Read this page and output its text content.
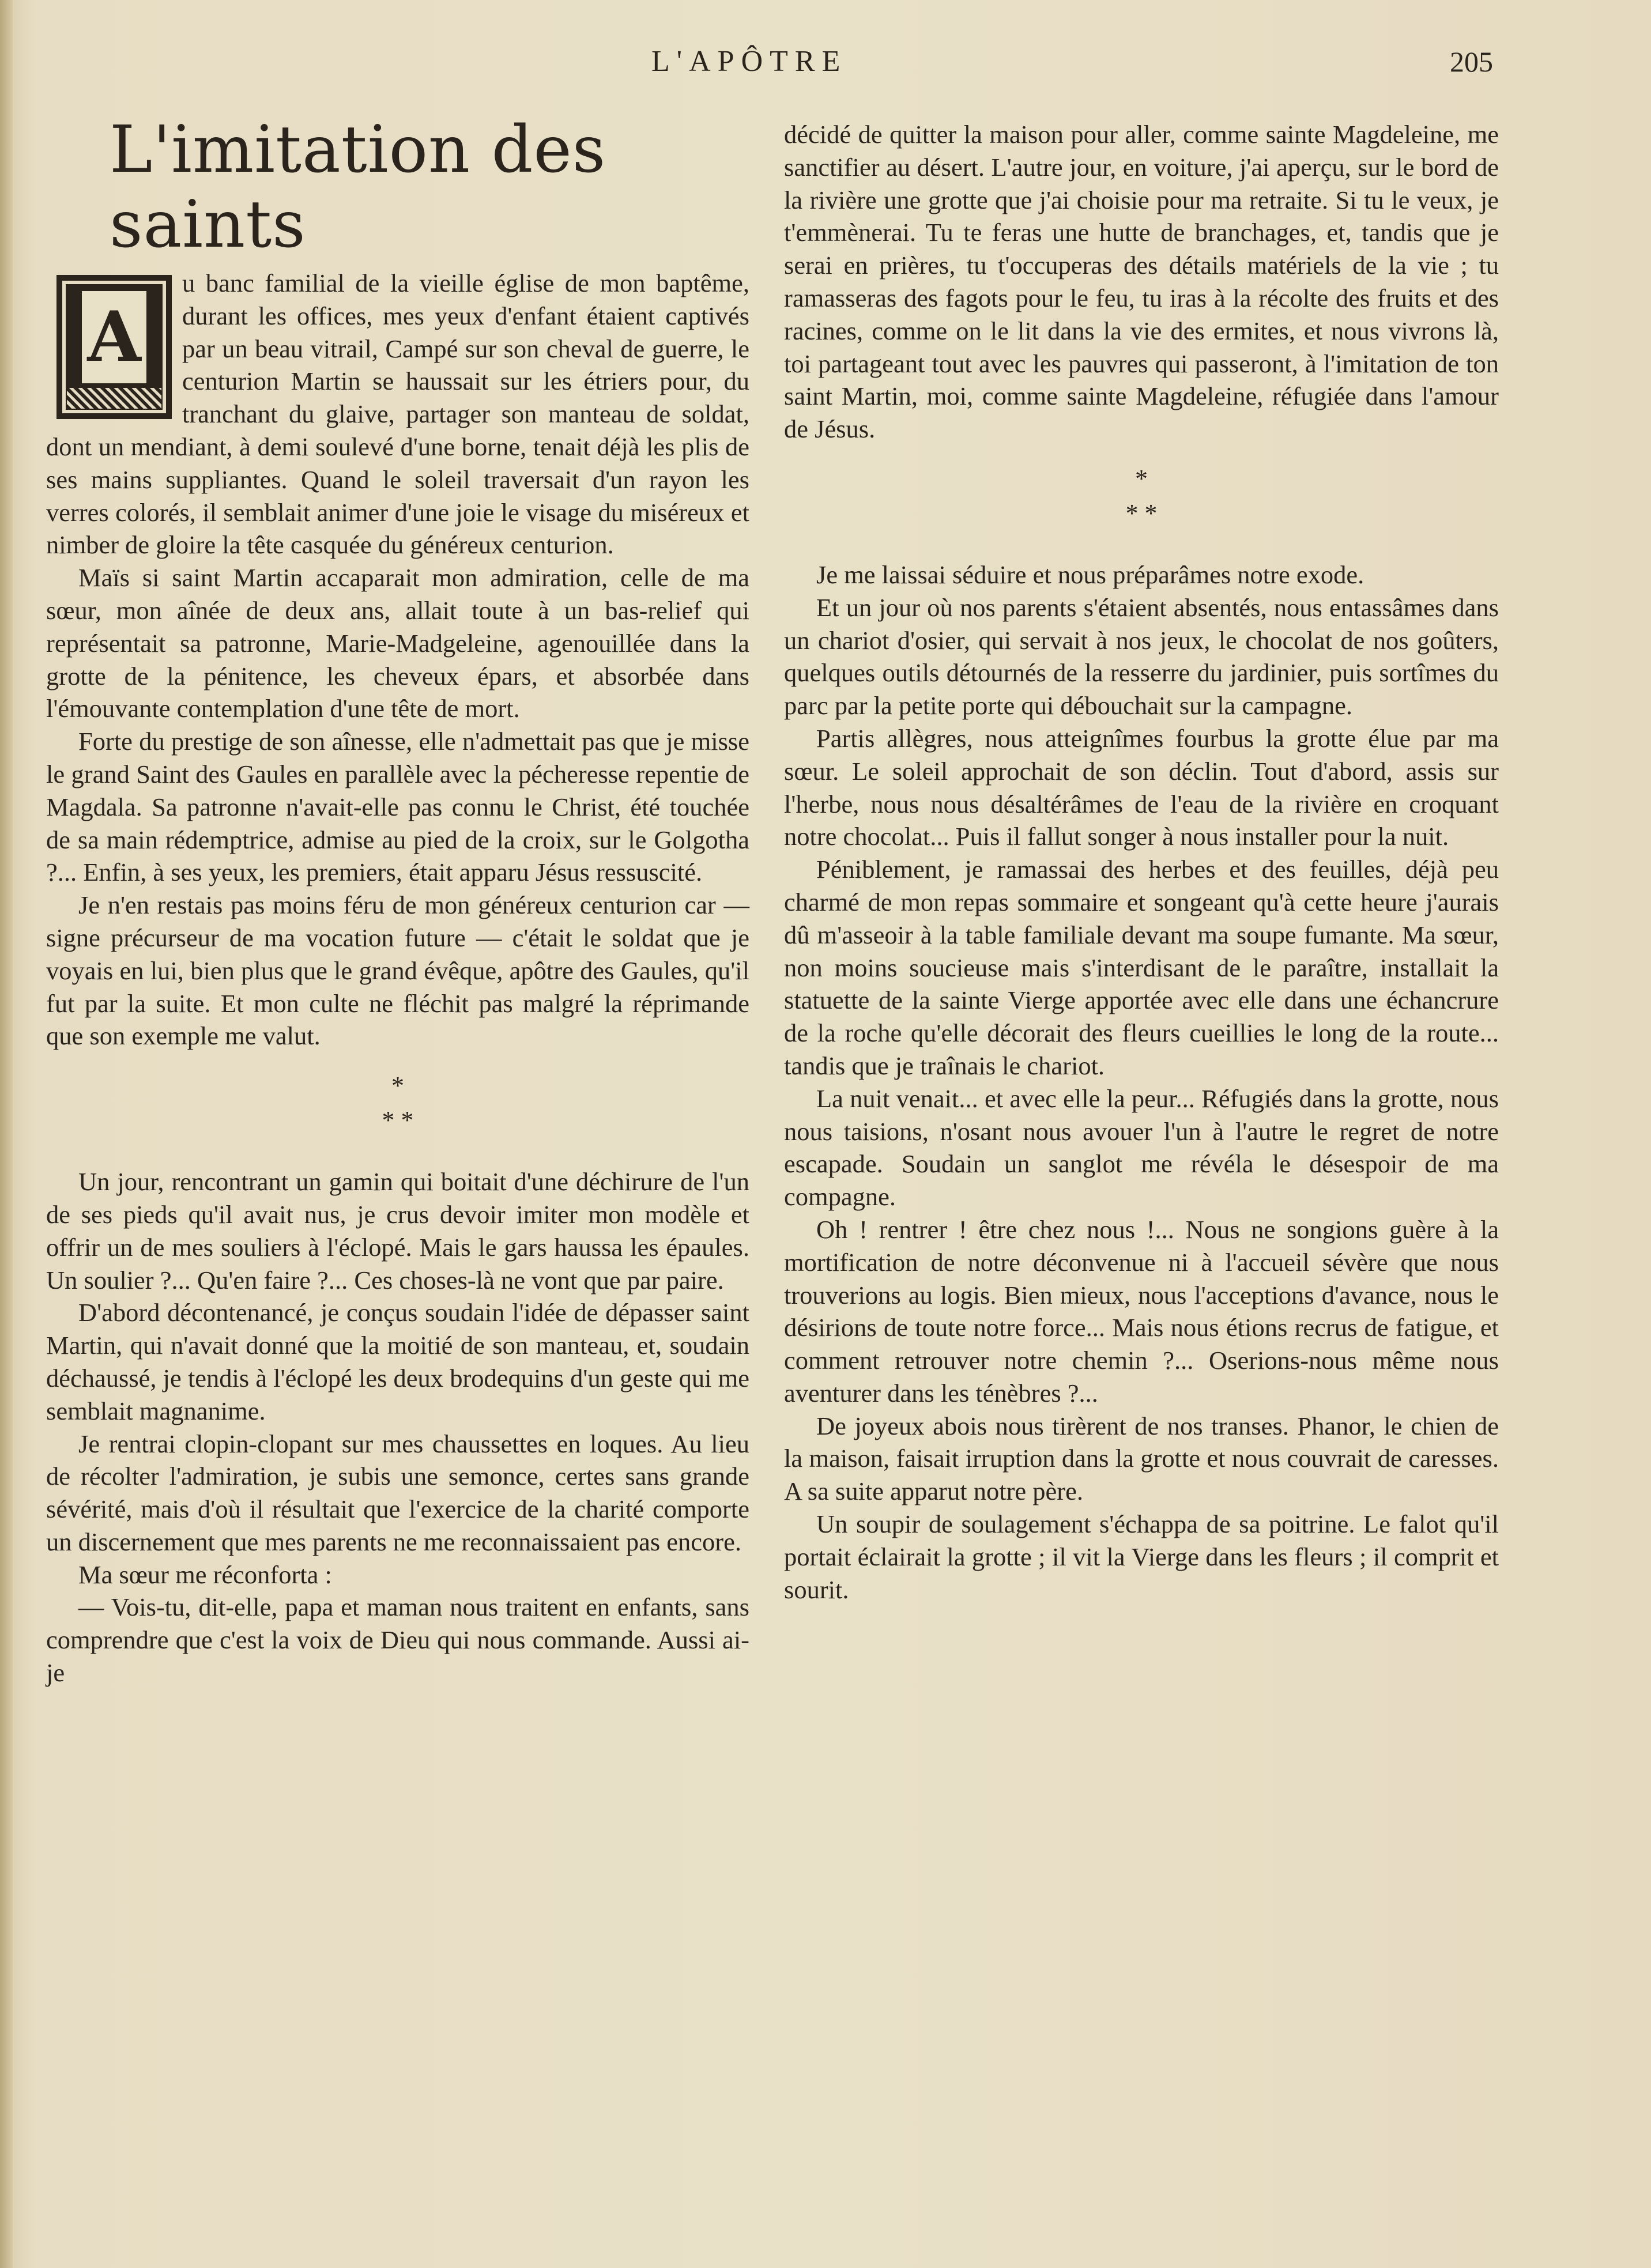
L'APÔTRE	205
L'imitation des saints
A

u banc familial de la vieille église de mon baptême, durant les offices, mes yeux d'enfant étaient captivés par un beau vitrail, Campé sur son cheval de guerre, le centurion Martin se haussait sur les étriers pour, du tranchant du glaive, partager son manteau de soldat, dont un mendiant, à demi soulevé d'une borne, tenait déjà les plis de ses mains suppliantes. Quand le soleil traversait d'un rayon les verres colorés, il semblait animer d'une joie le visage du miséreux et nimber de gloire la tête casquée du généreux centurion.

Maïs si saint Martin accaparait mon admiration, celle de ma sœur, mon aînée de deux ans, allait toute à un bas-relief qui représentait sa patronne, Marie-Madgeleine, agenouillée dans la grotte de la pénitence, les cheveux épars, et absorbée dans l'émouvante contemplation d'une tête de mort.

Forte du prestige de son aînesse, elle n'admettait pas que je misse le grand Saint des Gaules en parallèle avec la pécheresse repentie de Magdala. Sa patronne n'avait-elle pas connu le Christ, été touchée de sa main rédemptrice, admise au pied de la croix, sur le Golgotha ?... Enfin, à ses yeux, les premiers, était apparu Jésus ressuscité.

Je n'en restais pas moins féru de mon généreux centurion car — signe précurseur de ma vocation future — c'était le soldat que je voyais en lui, bien plus que le grand évêque, apôtre des Gaules, qu'il fut par la suite. Et mon culte ne fléchit pas malgré la réprimande que son exemple me valut.

*
* *

Un jour, rencontrant un gamin qui boitait d'une déchirure de l'un de ses pieds qu'il avait nus, je crus devoir imiter mon modèle et offrir un de mes souliers à l'éclopé. Mais le gars haussa les épaules. Un soulier ?... Qu'en faire ?... Ces choses-là ne vont que par paire.

D'abord décontenancé, je conçus soudain l'idée de dépasser saint Martin, qui n'avait donné que la moitié de son manteau, et, soudain déchaussé, je tendis à l'éclopé les deux brodequins d'un geste qui me semblait magnanime.

Je rentrai clopin-clopant sur mes chaussettes en loques. Au lieu de récolter l'admiration, je subis une semonce, certes sans grande sévérité, mais d'où il résultait que l'exercice de la charité comporte un discernement que mes parents ne me reconnaissaient pas encore.

Ma sœur me réconforta :

— Vois-tu, dit-elle, papa et maman nous traitent en enfants, sans comprendre que c'est la voix de Dieu qui nous commande. Aussi ai-je

décidé de quitter la maison pour aller, comme sainte Magdeleine, me sanctifier au désert. L'autre jour, en voiture, j'ai aperçu, sur le bord de la rivière une grotte que j'ai choisie pour ma retraite. Si tu le veux, je t'emmènerai. Tu te feras une hutte de branchages, et, tandis que je serai en prières, tu t'occuperas des détails matériels de la vie ; tu ramasseras des fagots pour le feu, tu iras à la récolte des fruits et des racines, comme on le lit dans la vie des ermites, et nous vivrons là, toi partageant tout avec les pauvres qui passeront, à l'imitation de ton saint Martin, moi, comme sainte Magdeleine, réfugiée dans l'amour de Jésus.

*
* *

Je me laissai séduire et nous préparâmes notre exode.

Et un jour où nos parents s'étaient absentés, nous entassâmes dans un chariot d'osier, qui servait à nos jeux, le chocolat de nos goûters, quelques outils détournés de la resserre du jardinier, puis sortîmes du parc par la petite porte qui débouchait sur la campagne.

Partis allègres, nous atteignîmes fourbus la grotte élue par ma sœur. Le soleil approchait de son déclin. Tout d'abord, assis sur l'herbe, nous nous désaltérâmes de l'eau de la rivière en croquant notre chocolat... Puis il fallut songer à nous installer pour la nuit.

Péniblement, je ramassai des herbes et des feuilles, déjà peu charmé de mon repas sommaire et songeant qu'à cette heure j'aurais dû m'asseoir à la table familiale devant ma soupe fumante. Ma sœur, non moins soucieuse mais s'interdisant de le paraître, installait la statuette de la sainte Vierge apportée avec elle dans une échancrure de la roche qu'elle décorait des fleurs cueillies le long de la route... tandis que je traînais le chariot.

La nuit venait... et avec elle la peur... Réfugiés dans la grotte, nous nous taisions, n'osant nous avouer l'un à l'autre le regret de notre escapade. Soudain un sanglot me révéla le désespoir de ma compagne.

Oh ! rentrer ! être chez nous !... Nous ne songions guère à la mortification de notre déconvenue ni à l'accueil sévère que nous trouverions au logis. Bien mieux, nous l'acceptions d'avance, nous le désirions de toute notre force... Mais nous étions recrus de fatigue, et comment retrouver notre chemin ?... Oserions-nous même nous aventurer dans les ténèbres ?...

De joyeux abois nous tirèrent de nos transes. Phanor, le chien de la maison, faisait irruption dans la grotte et nous couvrait de caresses. A sa suite apparut notre père.

Un soupir de soulagement s'échappa de sa poitrine. Le falot qu'il portait éclairait la grotte ; il vit la Vierge dans les fleurs ; il comprit et sourit.
